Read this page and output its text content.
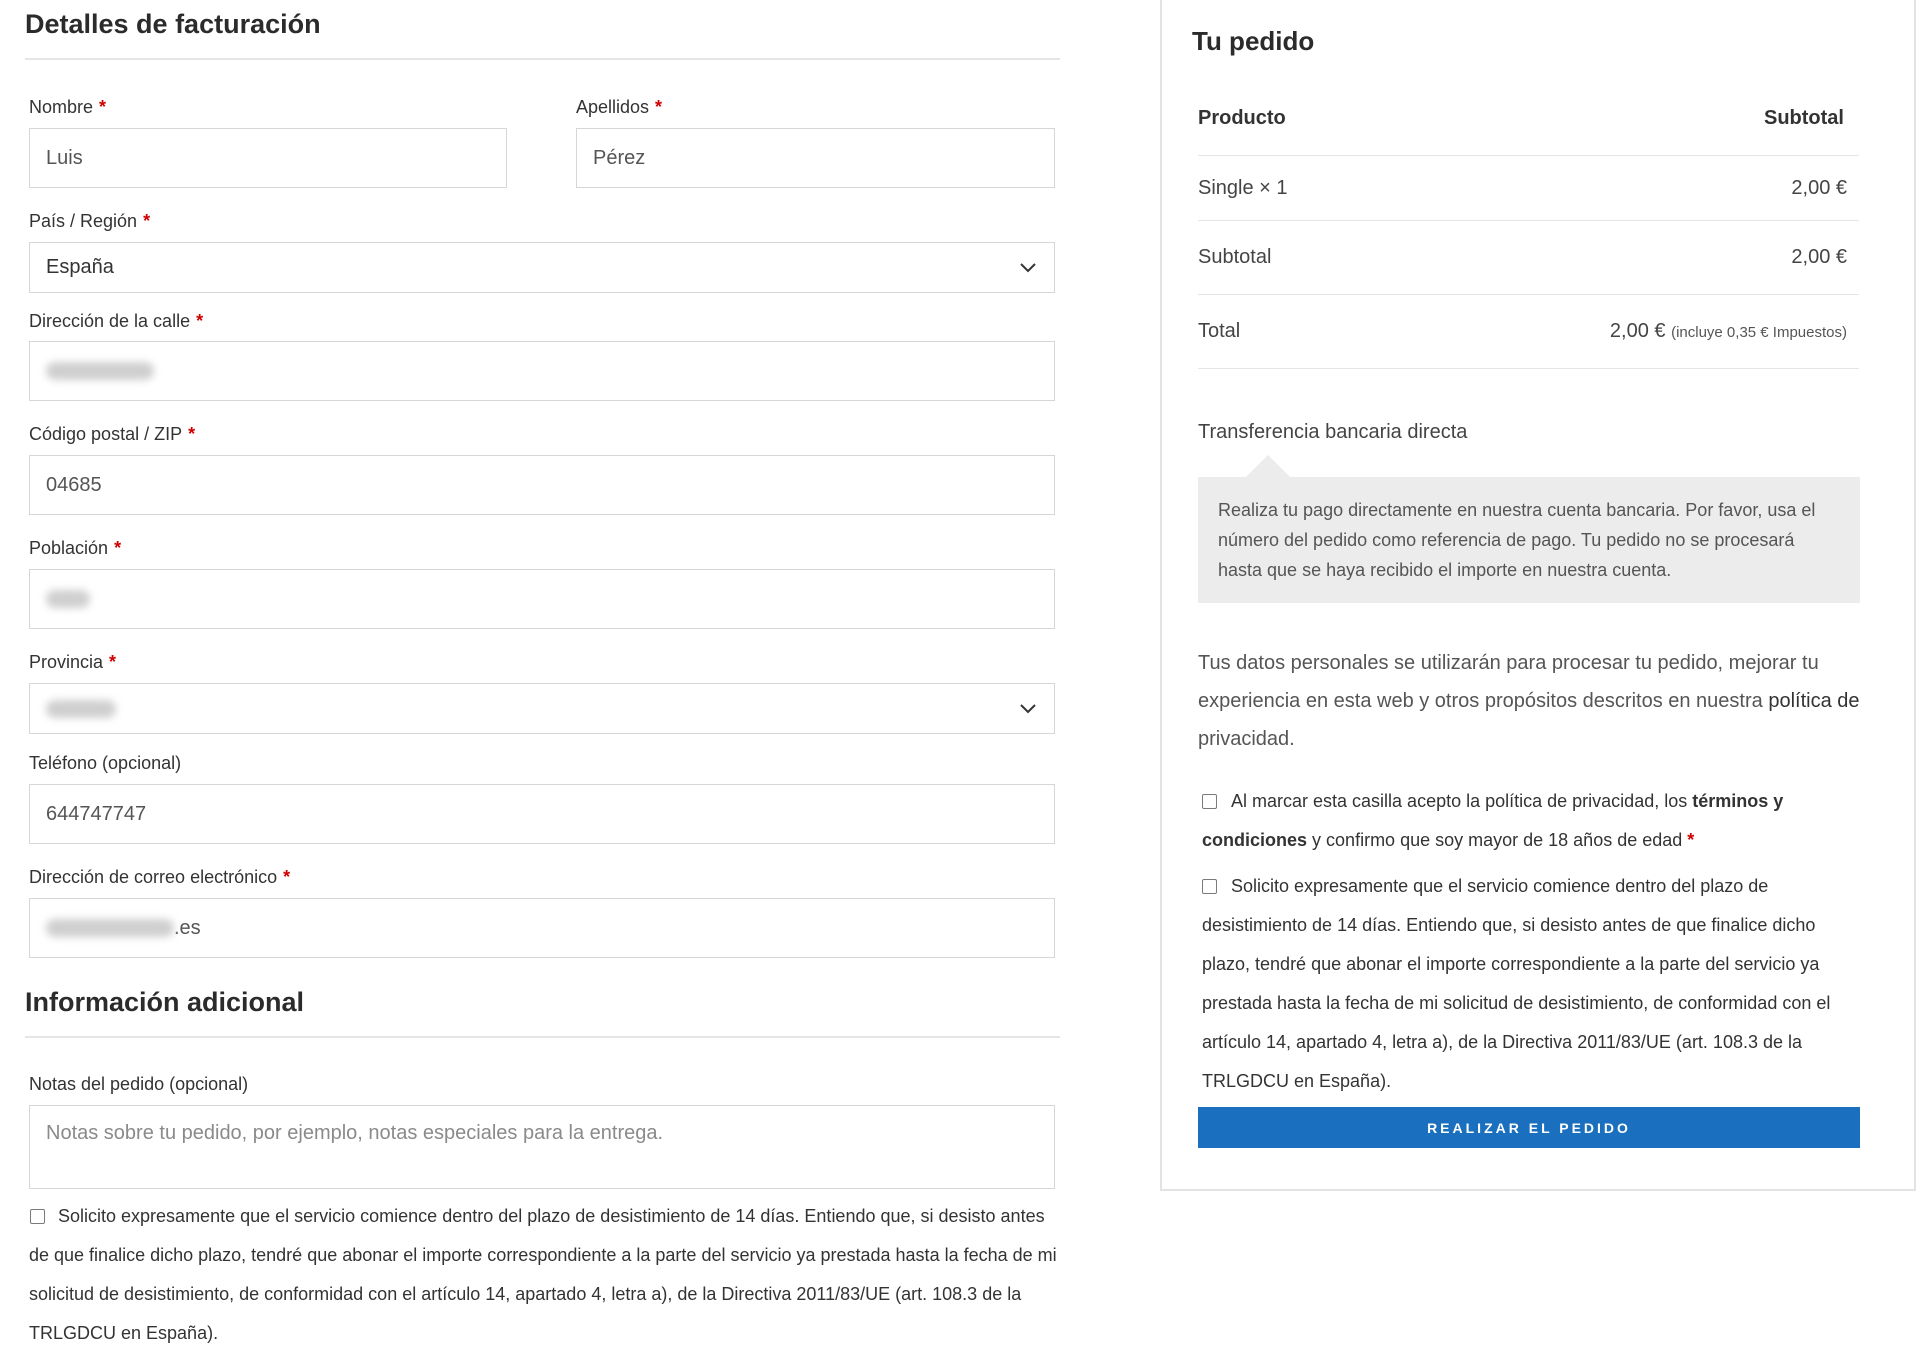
Detalles de facturación
Nombre *
Luis
Apellidos *
Pérez
País / Región *
España
Dirección de la calle *
Código postal / ZIP *
04685
Población *
Provincia *
Teléfono (opcional)
644747747
Dirección de correo electrónico *
.es
Información adicional
Notas del pedido (opcional)
Notas sobre tu pedido, por ejemplo, notas especiales para la entrega.
Solicito expresamente que el servicio comience dentro del plazo de desistimiento de 14 días. Entiendo que, si desisto antes
de que finalice dicho plazo, tendré que abonar el importe correspondiente a la parte del servicio ya prestada hasta la fecha de mi
solicitud de desistimiento, de conformidad con el artículo 14, apartado 4, letra a), de la Directiva 2011/83/UE (art. 108.3 de la
TRLGDCU en España).
Tu pedido
Producto	Subtotal
Single × 1	2,00 €
Subtotal	2,00 €
Total	2,00 € (incluye 0,35 € Impuestos)
Transferencia bancaria directa
Realiza tu pago directamente en nuestra cuenta bancaria. Por favor, usa el
número del pedido como referencia de pago. Tu pedido no se procesará
hasta que se haya recibido el importe en nuestra cuenta.
Tus datos personales se utilizarán para procesar tu pedido, mejorar tu
experiencia en esta web y otros propósitos descritos en nuestra política de
privacidad.
Al marcar esta casilla acepto la política de privacidad, los términos y
condiciones y confirmo que soy mayor de 18 años de edad *
Solicito expresamente que el servicio comience dentro del plazo de
desistimiento de 14 días. Entiendo que, si desisto antes de que finalice dicho
plazo, tendré que abonar el importe correspondiente a la parte del servicio ya
prestada hasta la fecha de mi solicitud de desistimiento, de conformidad con el
artículo 14, apartado 4, letra a), de la Directiva 2011/83/UE (art. 108.3 de la
TRLGDCU en España).
REALIZAR EL PEDIDO
